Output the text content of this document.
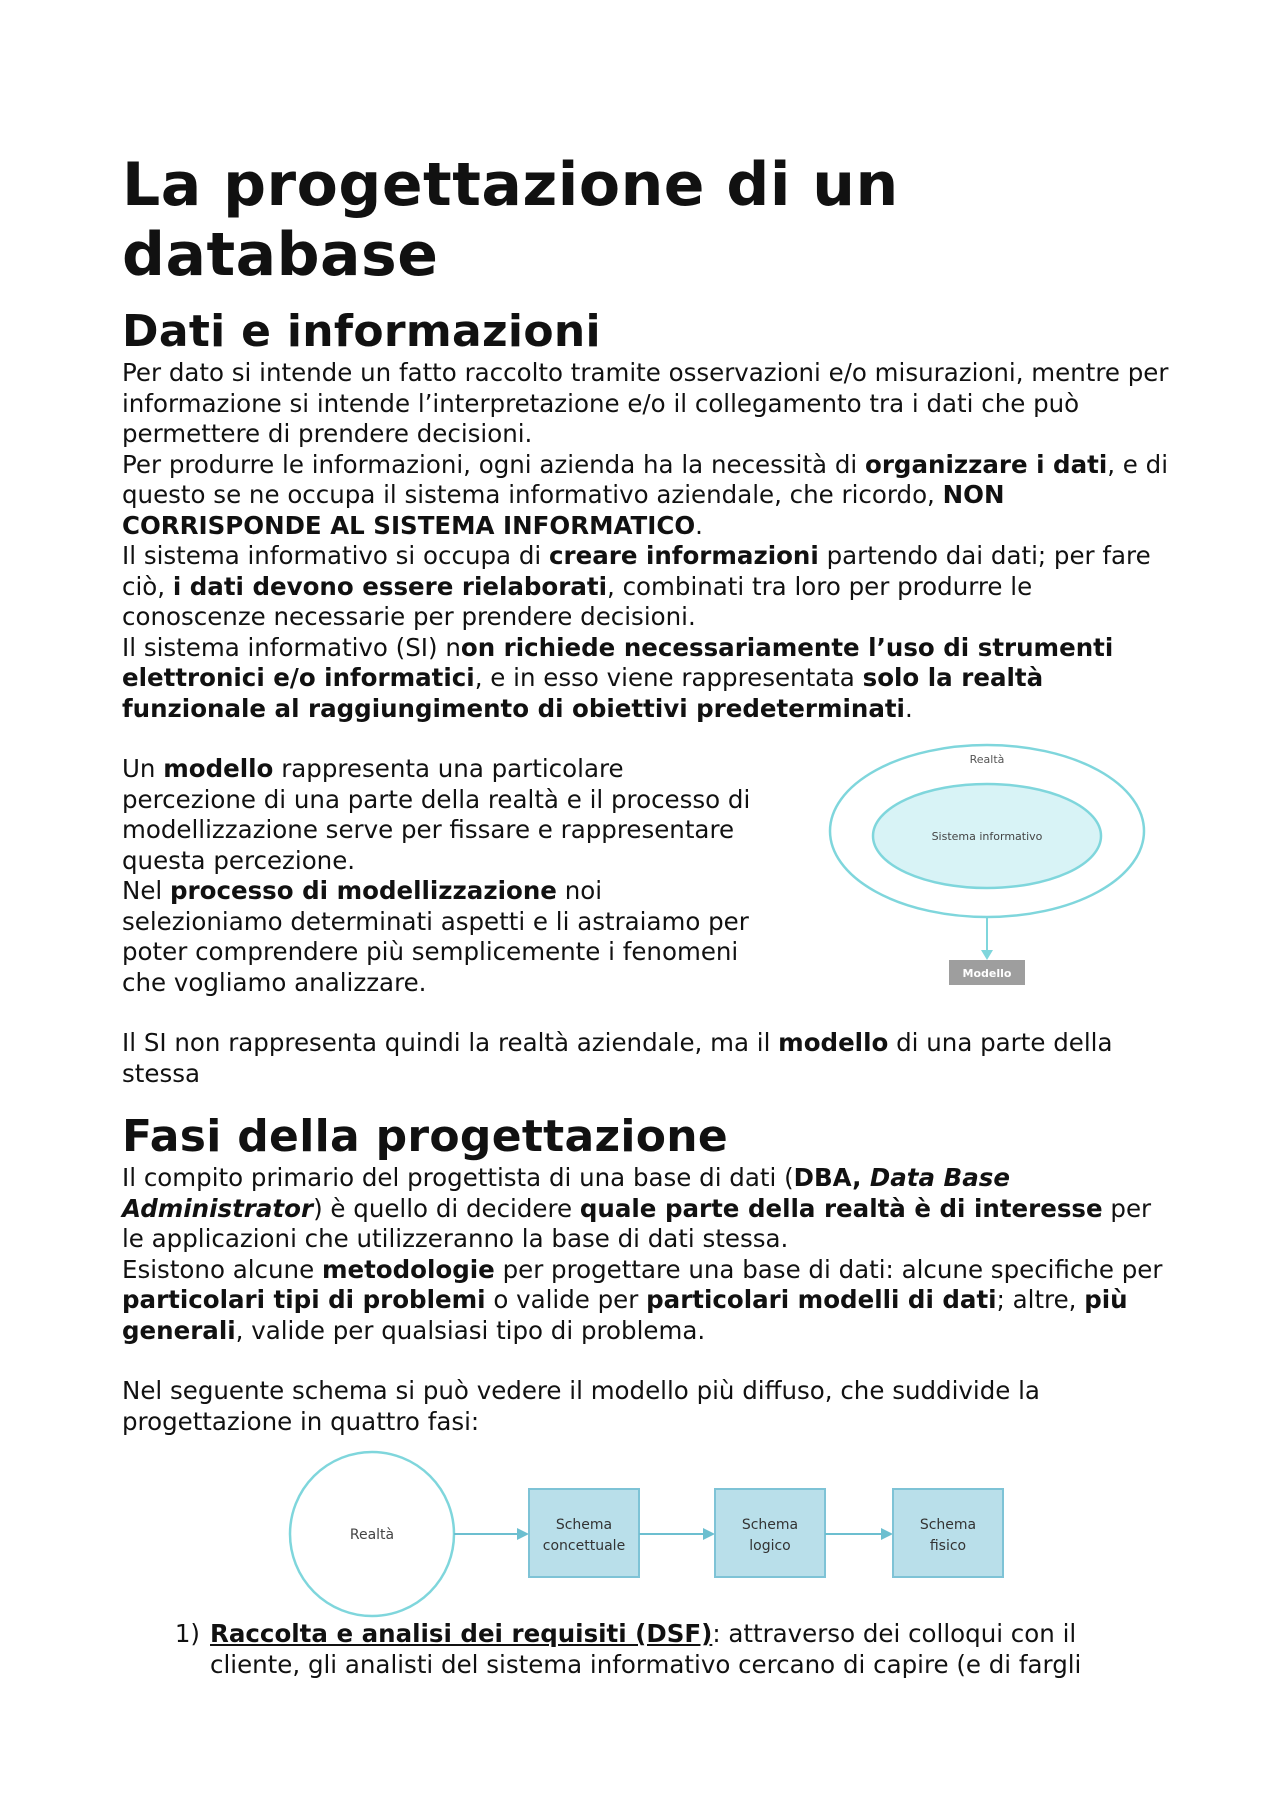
La progettazione di un database
Dati e informazioni

Per dato si intende un fatto raccolto tramite osservazioni e/o misurazioni, mentre per informazione si intende l’interpretazione e/o il collegamento tra i dati che può permettere di prendere decisioni.

Per produrre le informazioni, ogni azienda ha la necessità di organizzare i dati, e di questo se ne occupa il sistema informativo aziendale, che ricordo, NON CORRISPONDE AL SISTEMA INFORMATICO.

Il sistema informativo si occupa di creare informazioni partendo dai dati; per fare ciò, i dati devono essere rielaborati, combinati tra loro per produrre le conoscenze necessarie per prendere decisioni.

Il sistema informativo (SI) non richiede necessariamente l’uso di strumenti elettronici e/o informatici, e in esso viene rappresentata solo la realtà funzionale al raggiungimento di obiettivi predeterminati.

Un modello rappresenta una particolare percezione di una parte della realtà e il processo di modellizzazione serve per fissare e rappresentare questa percezione.

Nel processo di modellizzazione noi selezioniamo determinati aspetti e li astraiamo per poter comprendere più semplicemente i fenomeni che vogliamo analizzare.

Realtà
Sistema informativo
Modello

Il SI non rappresenta quindi la realtà aziendale, ma il modello di una parte della stessa

Fasi della progettazione

Il compito primario del progettista di una base di dati (DBA, Data Base Administrator) è quello di decidere quale parte della realtà è di interesse per le applicazioni che utilizzeranno la base di dati stessa.

Esistono alcune metodologie per progettare una base di dati: alcune specifiche per particolari tipi di problemi o valide per particolari modelli di dati; altre, più generali, valide per qualsiasi tipo di problema.

Nel seguente schema si può vedere il modello più diffuso, che suddivide la progettazione in quattro fasi:

Realtà
Schema
concettuale
Schema
logico
Schema
fisico
1) Raccolta e analisi dei requisiti (DSF): attraverso dei colloqui con il cliente, gli analisti del sistema informativo cercano di capire (e di fargli
